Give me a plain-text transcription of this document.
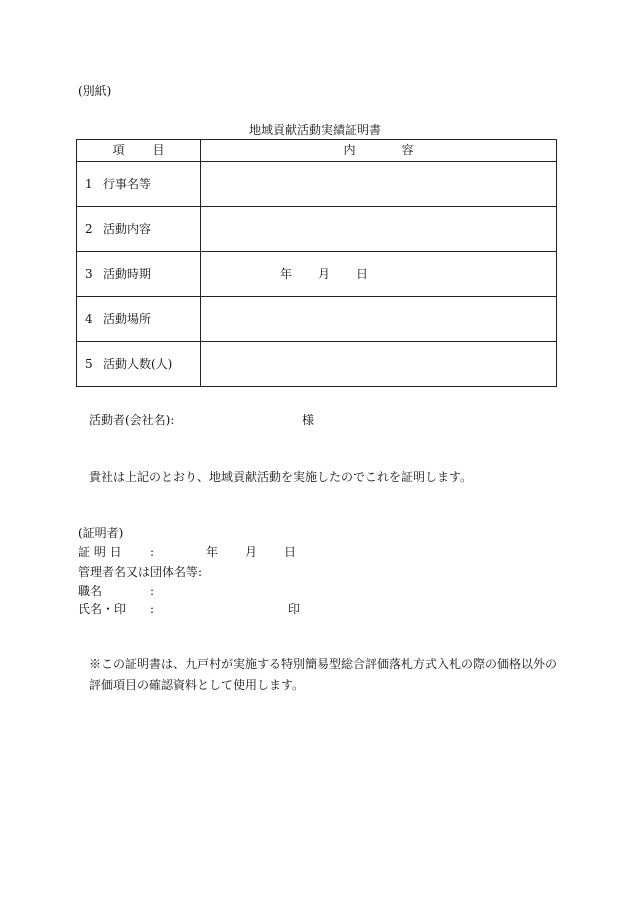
(別紙)
地域貢献活動実績証明書
項 目	内 容
1 行事名等	
2 活動内容	
3 活動時期	年 月 日
4 活動場所	
5 活動人数(人)	
活動者(会社名):	様
貴社は上記のとおり、地域貢献活動を実施したのでこれを証明します。
(証明者)
証 明 日 :	年 月 日
管理者名又は団体名等:
職名	:
氏名・印 :	印
※この証明書は、九戸村が実施する特別簡易型総合評価落札方式入札の際の価格以外の
評価項目の確認資料として使用します。
